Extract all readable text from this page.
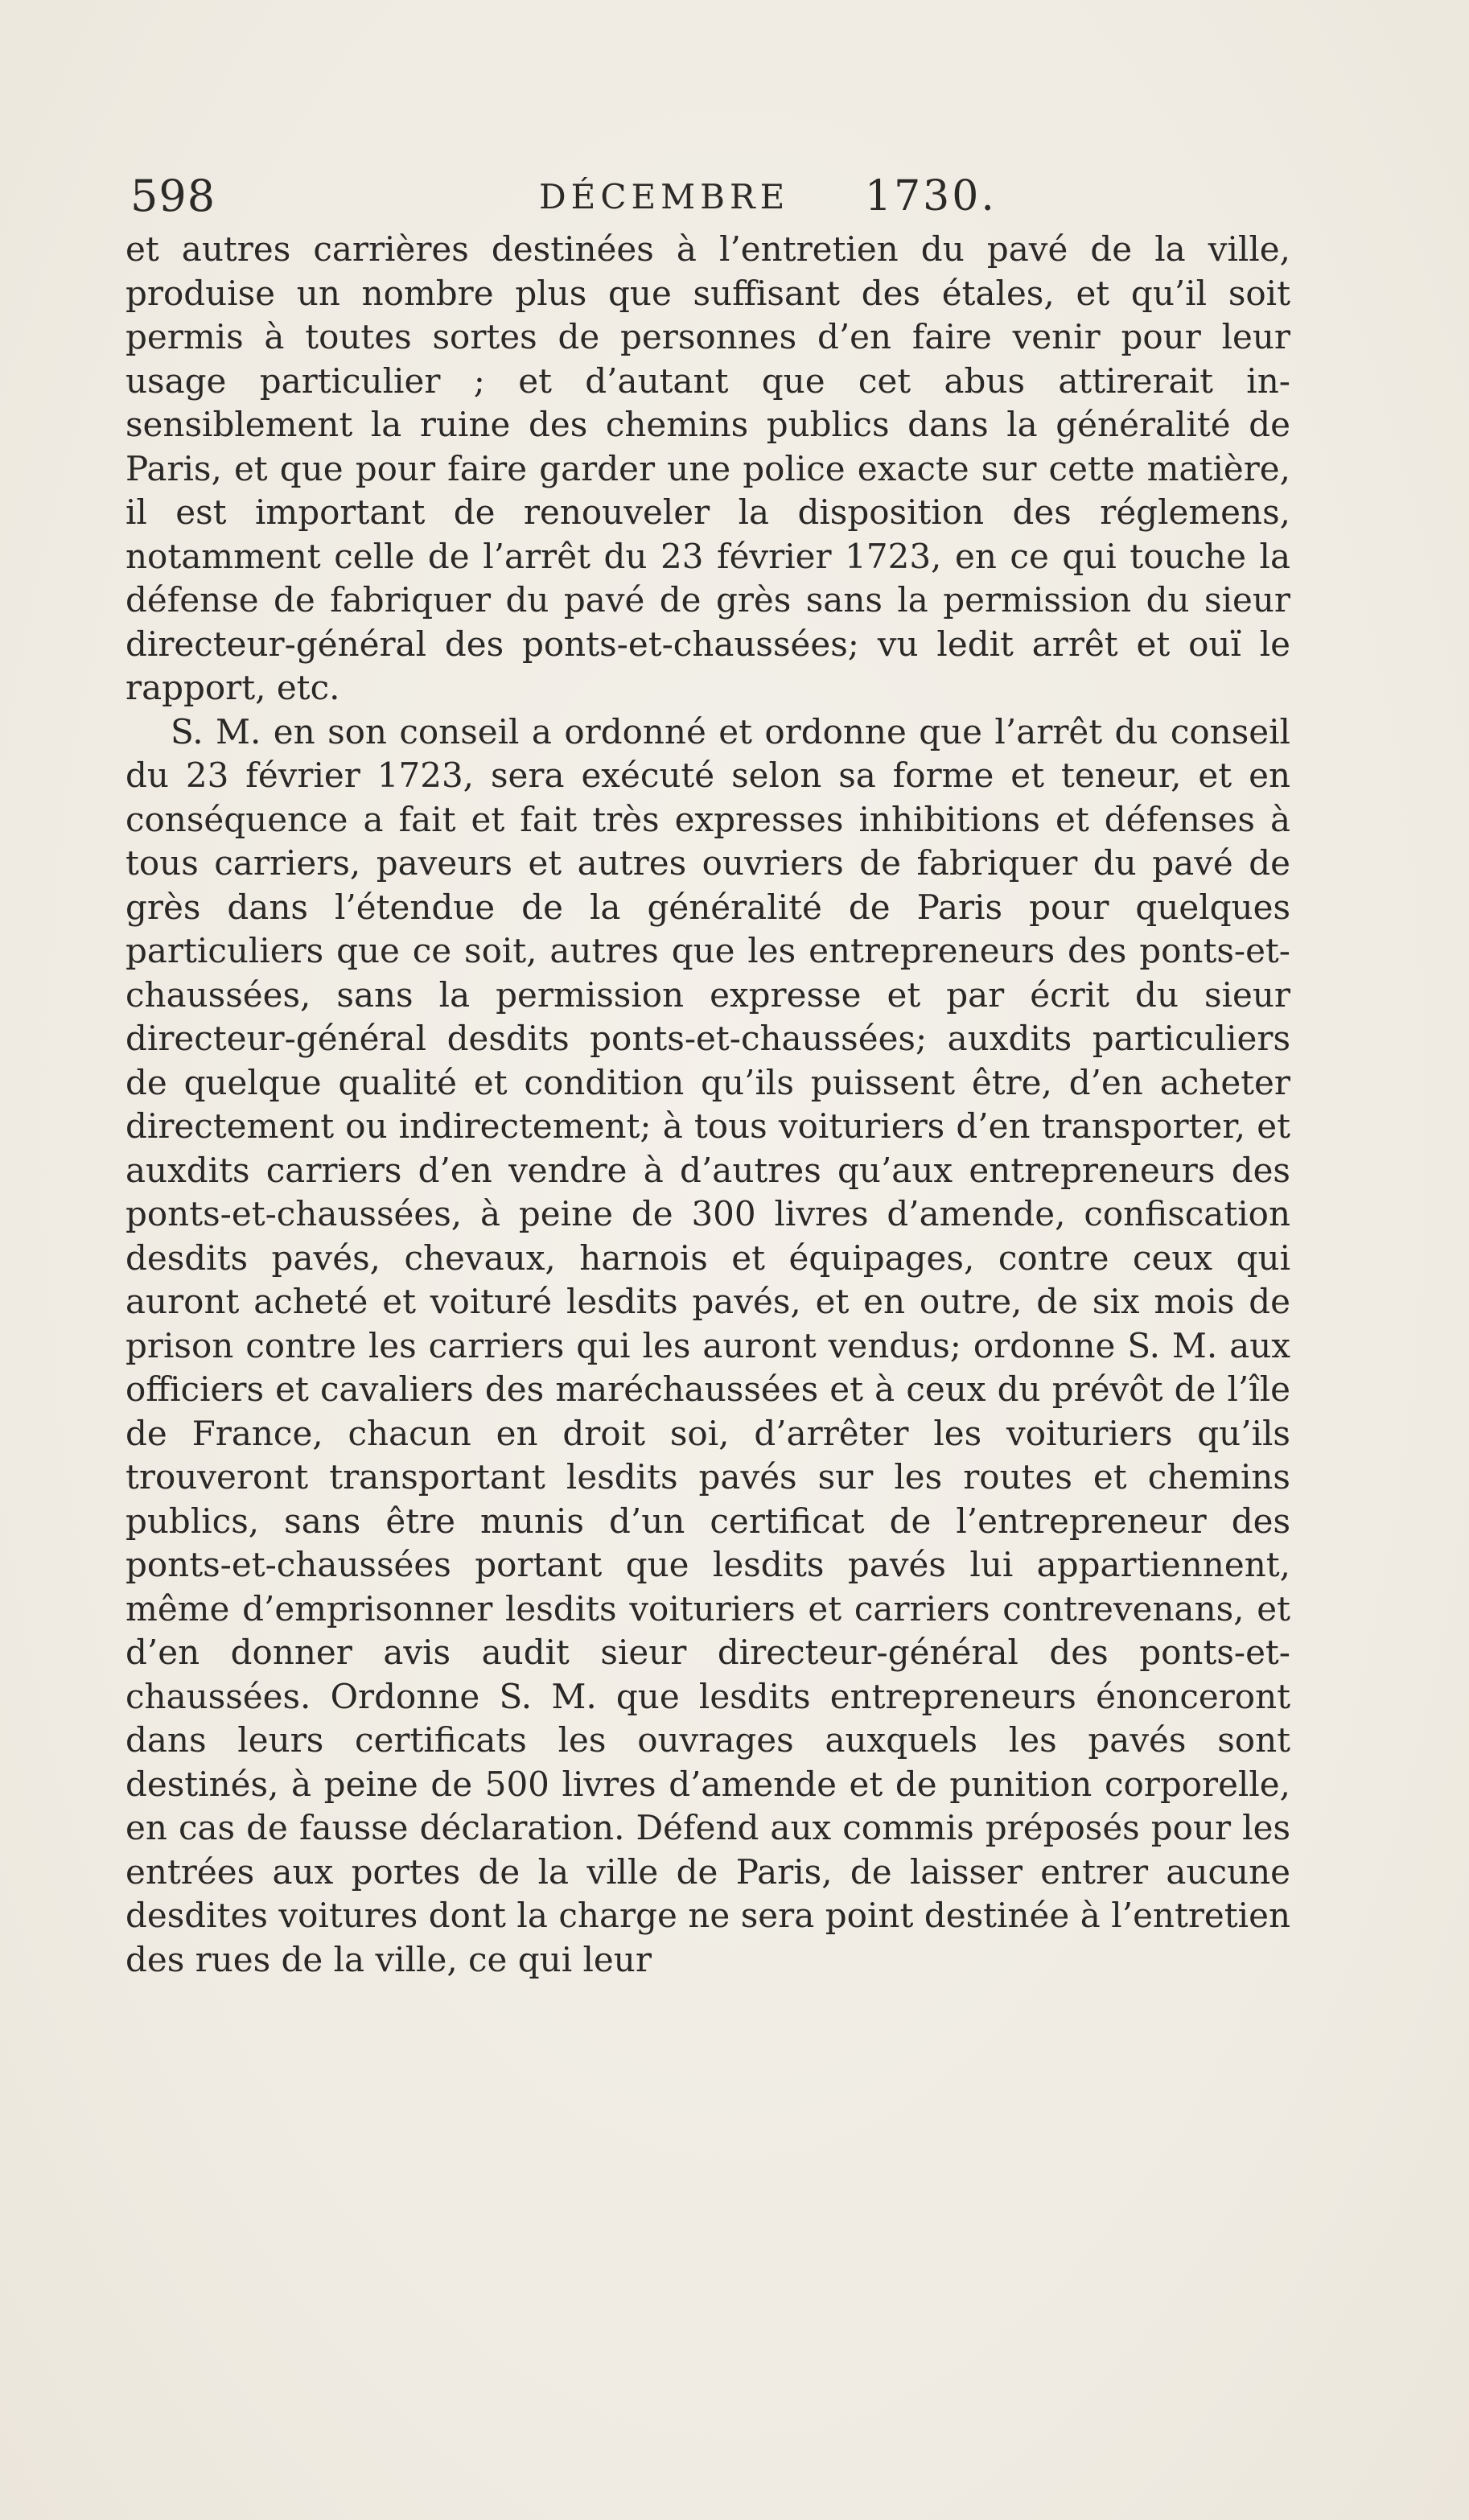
598	DÉCEMBRE 1730.

et autres carrières destinées à l’entretien du pavé de la ville, produise un nombre plus que suffisant des étales, et qu’il soit permis à toutes sortes de personnes d’en faire venir pour leur usage particulier ; et d’autant que cet abus attirerait insensiblement la ruine des chemins publics dans la généralité de Paris, et que pour faire garder une police exacte sur cette matière, il est important de renouveler la disposition des réglemens, notamment celle de l’arrêt du 23 février 1723, en ce qui touche la défense de fabriquer du pavé de grès sans la permission du sieur directeur-général des ponts-et-chaussées; vu ledit arrêt et ouï le rapport, etc.

S. M. en son conseil a ordonné et ordonne que l’arrêt du conseil du 23 février 1723, sera exécuté selon sa forme et teneur, et en conséquence a fait et fait très expresses inhibitions et défenses à tous carriers, paveurs et autres ouvriers de fabriquer du pavé de grès dans l’étendue de la généralité de Paris pour quelques particuliers que ce soit, autres que les entrepreneurs des ponts-et-chaussées, sans la permission expresse et par écrit du sieur directeur-général desdits ponts-et-chaussées; auxdits particuliers de quelque qualité et condition qu’ils puissent être, d’en acheter directement ou indirectement; à tous voituriers d’en transporter, et auxdits carriers d’en vendre à d’autres qu’aux entrepreneurs des ponts-et-chaussées, à peine de 300 livres d’amende, confiscation desdits pavés, chevaux, harnois et équipages, contre ceux qui auront acheté et voituré lesdits pavés, et en outre, de six mois de prison contre les carriers qui les auront vendus; ordonne S. M. aux officiers et cavaliers des maréchaussées et à ceux du prévôt de l’île de France, chacun en droit soi, d’arrêter les voituriers qu’ils trouveront transportant lesdits pavés sur les routes et chemins publics, sans être munis d’un certificat de l’entrepreneur des ponts-et-chaussées portant que lesdits pavés lui appartiennent, même d’emprisonner lesdits voituriers et carriers contrevenans, et d’en donner avis audit sieur directeur-général des ponts-et-chaussées. Ordonne S. M. que lesdits entrepreneurs énonceront dans leurs certificats les ouvrages auxquels les pavés sont destinés, à peine de 500 livres d’amende et de punition corporelle, en cas de fausse déclaration. Défend aux commis préposés pour les entrées aux portes de la ville de Paris, de laisser entrer aucune desdites voitures dont la charge ne sera point destinée à l’entretien des rues de la ville, ce qui leur
